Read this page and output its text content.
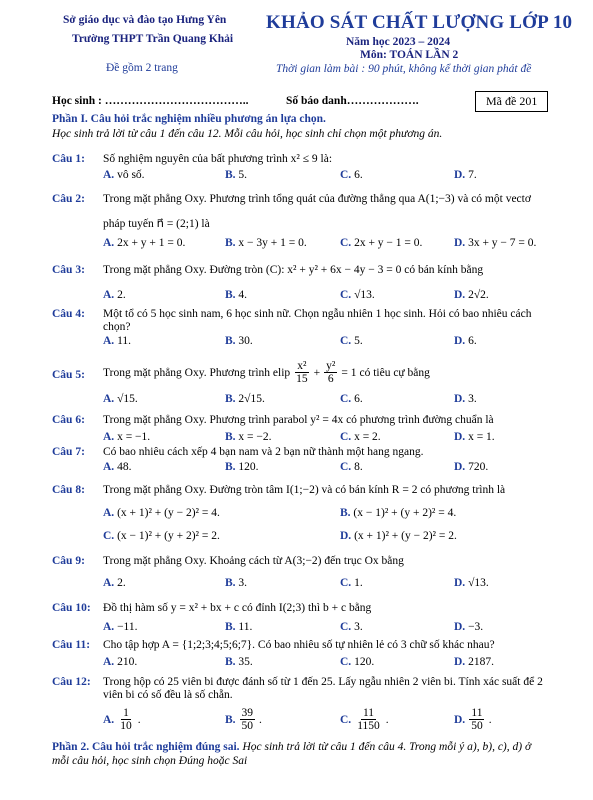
Sở giáo dục và đào tạo Hưng Yên
Trường THPT Trần Quang Khải
Đề gồm 2 trang
KHẢO SÁT CHẤT LƯỢNG LỚP 10
Năm học 2023 – 2024
Môn: TOÁN LẦN 2
Thời gian làm bài : 90 phút, không kể thời gian phát đề
Học sinh : ………………………………..	Số báo danh……………….	Mã đề 201
Phần I. Câu hỏi trắc nghiệm nhiều phương án lựa chọn.
Học sinh trả lời từ câu 1 đến câu 12. Mỗi câu hỏi, học sinh chỉ chọn một phương án.
Câu 1: Số nghiệm nguyên của bất phương trình x² ≤ 9 là:
A. vô số.	B. 5.	C. 6.	D. 7.
Câu 2: Trong mặt phẳng Oxy. Phương trình tổng quát của đường thẳng qua A(1;−3) và có một vectơ
pháp tuyến n⃗ = (2;1) là
A. 2x + y + 1 = 0.	B. x − 3y + 1 = 0.	C. 2x + y − 1 = 0.	D. 3x + y − 7 = 0.
Câu 3: Trong mặt phẳng Oxy. Đường tròn (C): x² + y² + 6x − 4y − 3 = 0 có bán kính bằng
A. 2.	B. 4.	C. √13.	D. 2√2.
Câu 4: Một tổ có 5 học sinh nam, 6 học sinh nữ. Chọn ngẫu nhiên 1 học sinh. Hỏi có bao nhiêu cách
chọn?
A. 11.	B. 30.	C. 5.	D. 6.
Câu 5: Trong mặt phẳng Oxy. Phương trình elip $\frac{\text{x²}}{15} + \frac{\text{y²}}{6} = 1$ có tiêu cự bằng
A. √15.	B. 2√15.	C. 6.	D. 3.
Câu 6: Trong mặt phẳng Oxy. Phương trình parabol y² = 4x có phương trình đường chuẩn là
A. x = −1.	B. x = −2.	C. x = 2.	D. x = 1.
Câu 7: Có bao nhiêu cách xếp 4 bạn nam và 2 bạn nữ thành một hang ngang.
A. 48.	B. 120.	C. 8.	D. 720.
Câu 8: Trong mặt phẳng Oxy. Đường tròn tâm I(1;−2) và có bán kính R = 2 có phương trình là
A. (x + 1)² + (y − 2)² = 4.	B. (x − 1)² + (y + 2)² = 4.
C. (x − 1)² + (y + 2)² = 2.	D. (x + 1)² + (y − 2)² = 2.
Câu 9: Trong mặt phẳng Oxy. Khoảng cách từ A(3;−2) đến trục Ox bằng
A. 2.	B. 3.	C. 1.	D. √13.
Câu 10: Đồ thị hàm số y = x² + bx + c có đỉnh I(2;3) thì b + c bằng
A. −11.	B. 11.	C. 3.	D. −3.
Câu 11: Cho tập hợp A = {1;2;3;4;5;6;7}. Có bao nhiêu số tự nhiên lẻ có 3 chữ số khác nhau?
A. 210.	B. 35.	C. 120.	D. 2187.
Câu 12: Trong hộp có 25 viên bi được đánh số từ 1 đến 25. Lấy ngẫu nhiên 2 viên bi. Tính xác suất để 2
viên bi có số đều là số chẵn.
A. $\frac{1}{10}$ .	B. $\frac{39}{50}$ .	C. $\frac{11}{1150}$ .	D. $\frac{11}{50}$ .
Phần 2. Câu hỏi trắc nghiệm đúng sai. Học sinh trả lời từ câu 1 đến câu 4. Trong mỗi ý a), b), c), d) ở
mỗi câu hỏi, học sinh chọn Đúng hoặc Sai
